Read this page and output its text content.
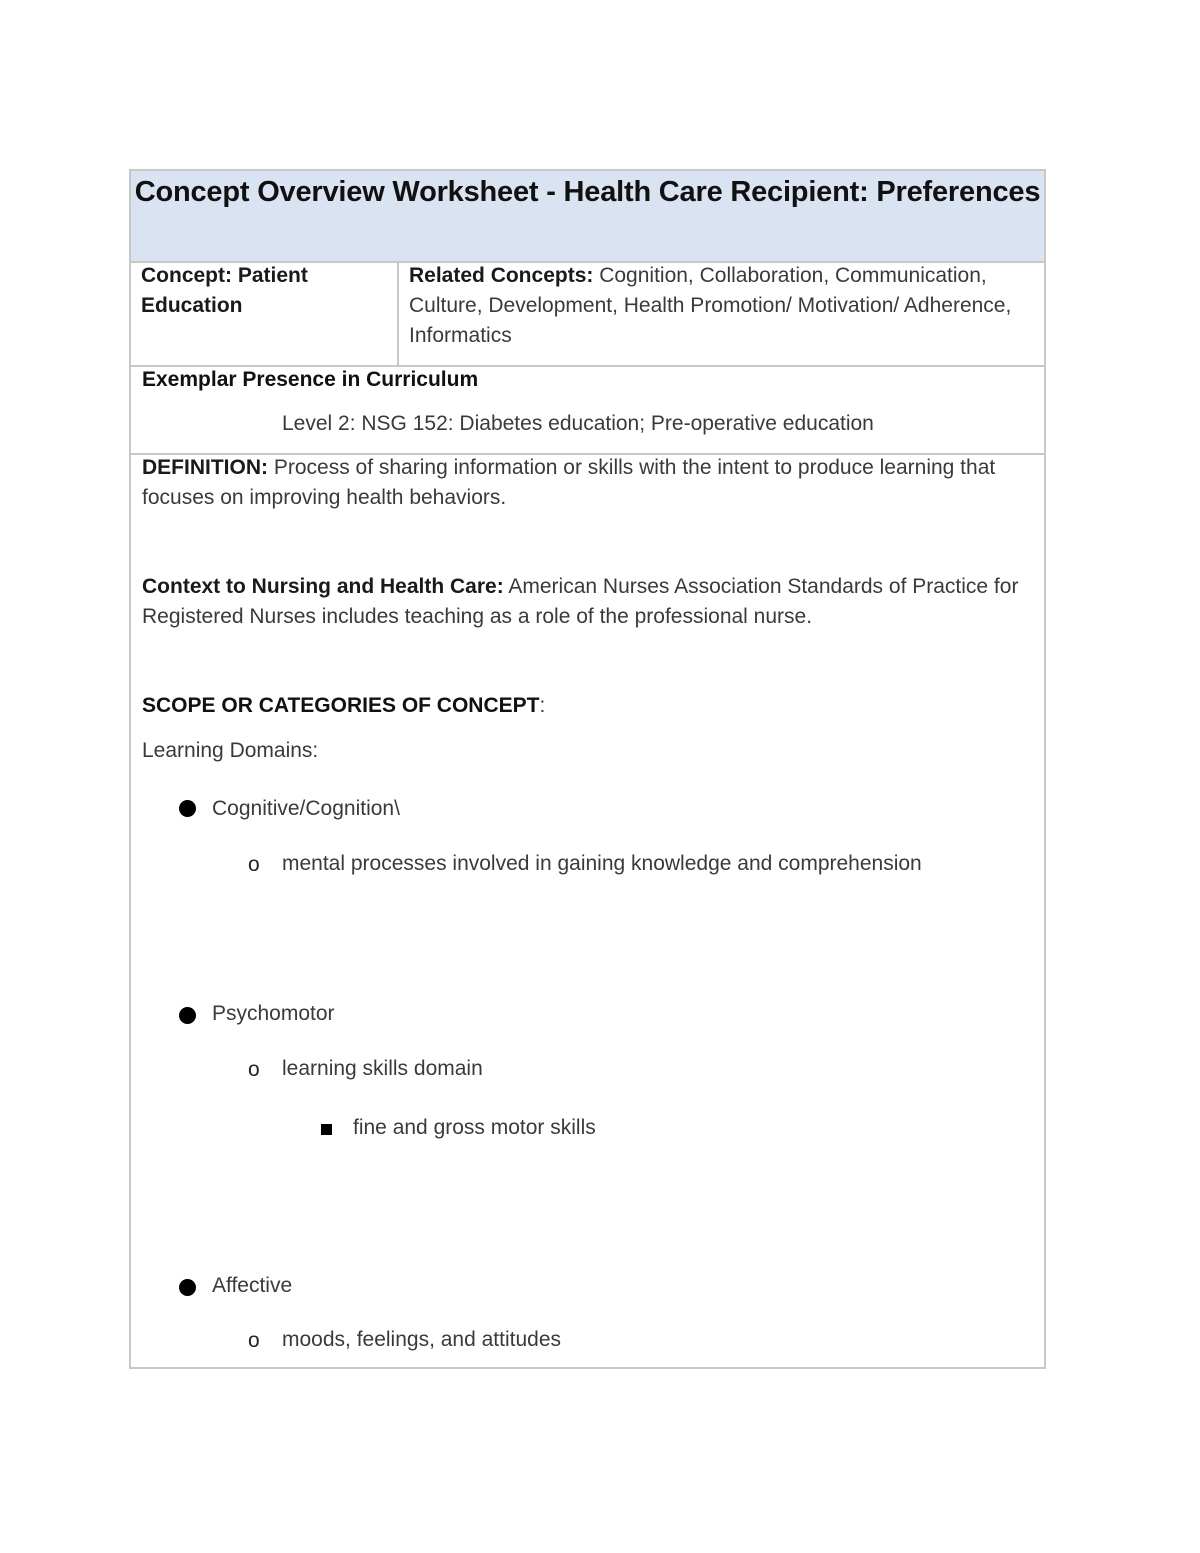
Concept Overview Worksheet - Health Care Recipient: Preferences

Concept: Patient Education

Related Concepts: Cognition, Collaboration, Communication, Culture, Development, Health Promotion/ Motivation/ Adherence, Informatics

Exemplar Presence in Curriculum

Level 2: NSG 152: Diabetes education; Pre-operative education

DEFINITION: Process of sharing information or skills with the intent to produce learning that focuses on improving health behaviors.

Context to Nursing and Health Care: American Nurses Association Standards of Practice for Registered Nurses includes teaching as a role of the professional nurse.

SCOPE OR CATEGORIES OF CONCEPT:

Learning Domains:

Cognitive/Cognition\

o mental processes involved in gaining knowledge and comprehension

Psychomotor

o learning skills domain

fine and gross motor skills

Affective

o moods, feelings, and attitudes
